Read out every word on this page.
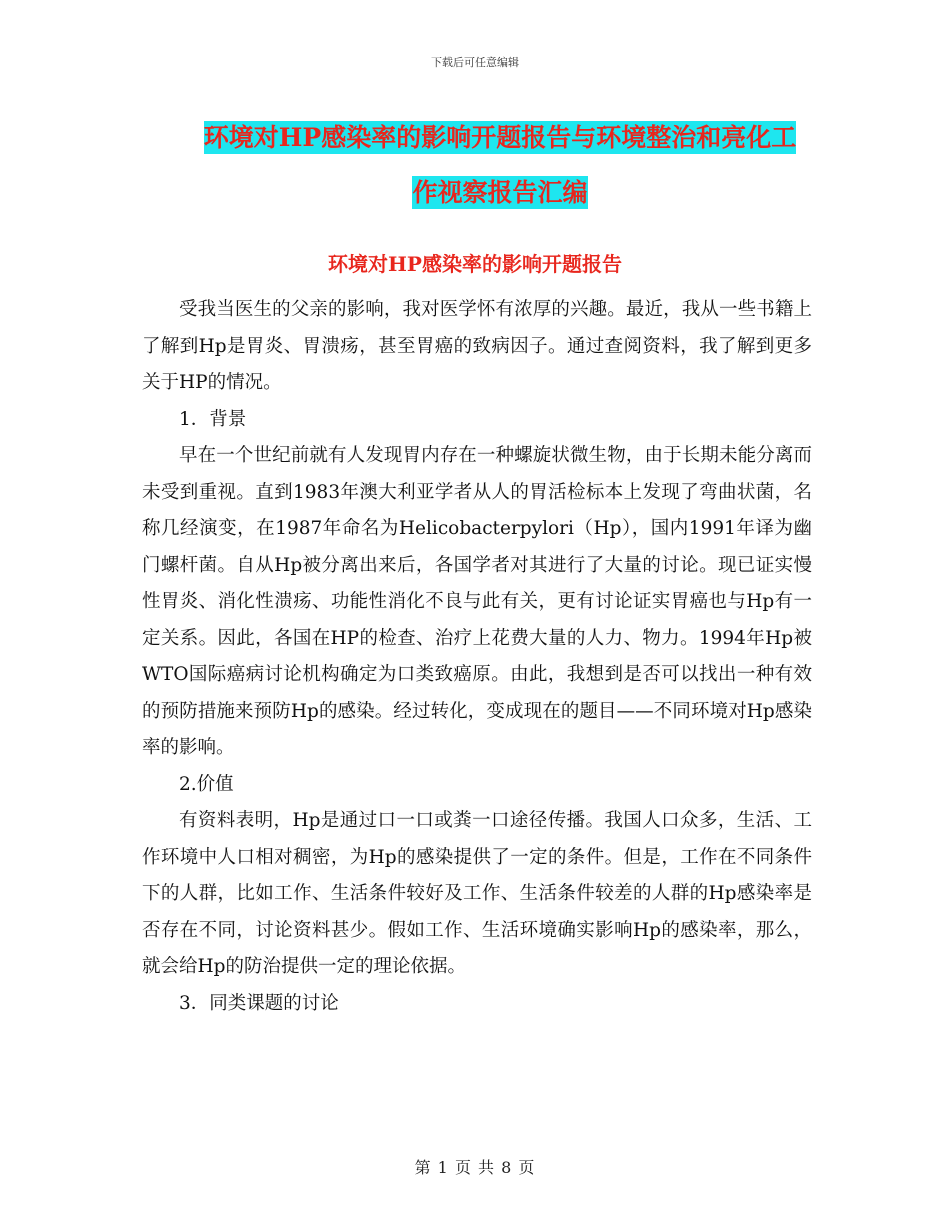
下载后可任意编辑
环境对HP感染率的影响开题报告与环境整治和亮化工
作视察报告汇编
环境对HP感染率的影响开题报告

受我当医生的父亲的影响，我对医学怀有浓厚的兴趣。最近，我从一些书籍上了解到Hp是胃炎、胃溃疡，甚至胃癌的致病因子。通过查阅资料，我了解到更多关于HP的情况。

1．背景

早在一个世纪前就有人发现胃内存在一种螺旋状微生物，由于长期未能分离而未受到重视。直到1983年澳大利亚学者从人的胃活检标本上发现了弯曲状菌，名称几经演变，在1987年命名为Helicobacterpylori（Hp），国内1991年译为幽门螺杆菌。自从Hp被分离出来后，各国学者对其进行了大量的讨论。现已证实慢性胃炎、消化性溃疡、功能性消化不良与此有关，更有讨论证实胃癌也与Hp有一定关系。因此，各国在HP的检查、治疗上花费大量的人力、物力。1994年Hp被WTO国际癌病讨论机构确定为口类致癌原。由此，我想到是否可以找出一种有效的预防措施来预防Hp的感染。经过转化，变成现在的题目——不同环境对Hp感染率的影响。

2.价值

有资料表明，Hp是通过口一口或粪一口途径传播。我国人口众多，生活、工作环境中人口相对稠密，为Hp的感染提供了一定的条件。但是，工作在不同条件下的人群，比如工作、生活条件较好及工作、生活条件较差的人群的Hp感染率是否存在不同，讨论资料甚少。假如工作、生活环境确实影响Hp的感染率，那么，就会给Hp的防治提供一定的理论依据。

3．同类课题的讨论

第 1 页 共 8 页
